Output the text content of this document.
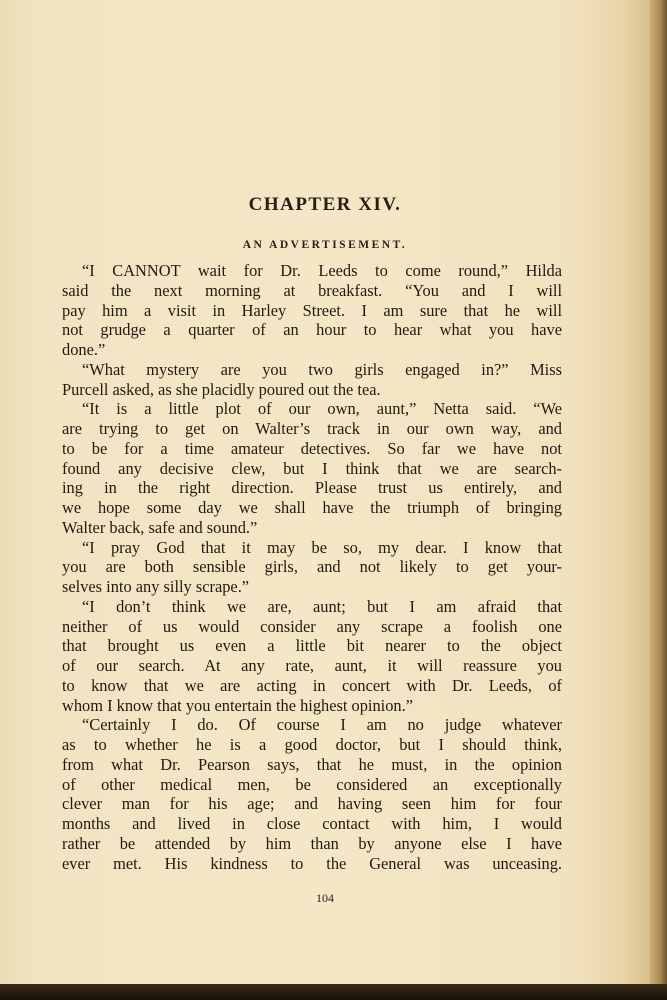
CHAPTER XIV.
AN ADVERTISEMENT.
“I CANNOT wait for Dr. Leeds to come round,” Hilda
said the next morning at breakfast. “You and I will
pay him a visit in Harley Street. I am sure that he will
not grudge a quarter of an hour to hear what you have
done.”
“What mystery are you two girls engaged in?” Miss
Purcell asked, as she placidly poured out the tea.
“It is a little plot of our own, aunt,” Netta said. “We
are trying to get on Walter’s track in our own way, and
to be for a time amateur detectives. So far we have not
found any decisive clew, but I think that we are search-
ing in the right direction. Please trust us entirely, and
we hope some day we shall have the triumph of bringing
Walter back, safe and sound.”
“I pray God that it may be so, my dear. I know that
you are both sensible girls, and not likely to get your-
selves into any silly scrape.”
“I don’t think we are, aunt; but I am afraid that
neither of us would consider any scrape a foolish one
that brought us even a little bit nearer to the object
of our search. At any rate, aunt, it will reassure you
to know that we are acting in concert with Dr. Leeds, of
whom I know that you entertain the highest opinion.”
“Certainly I do. Of course I am no judge whatever
as to whether he is a good doctor, but I should think,
from what Dr. Pearson says, that he must, in the opinion
of other medical men, be considered an exceptionally
clever man for his age; and having seen him for four
months and lived in close contact with him, I would
rather be attended by him than by anyone else I have
ever met. His kindness to the General was unceasing.
104
